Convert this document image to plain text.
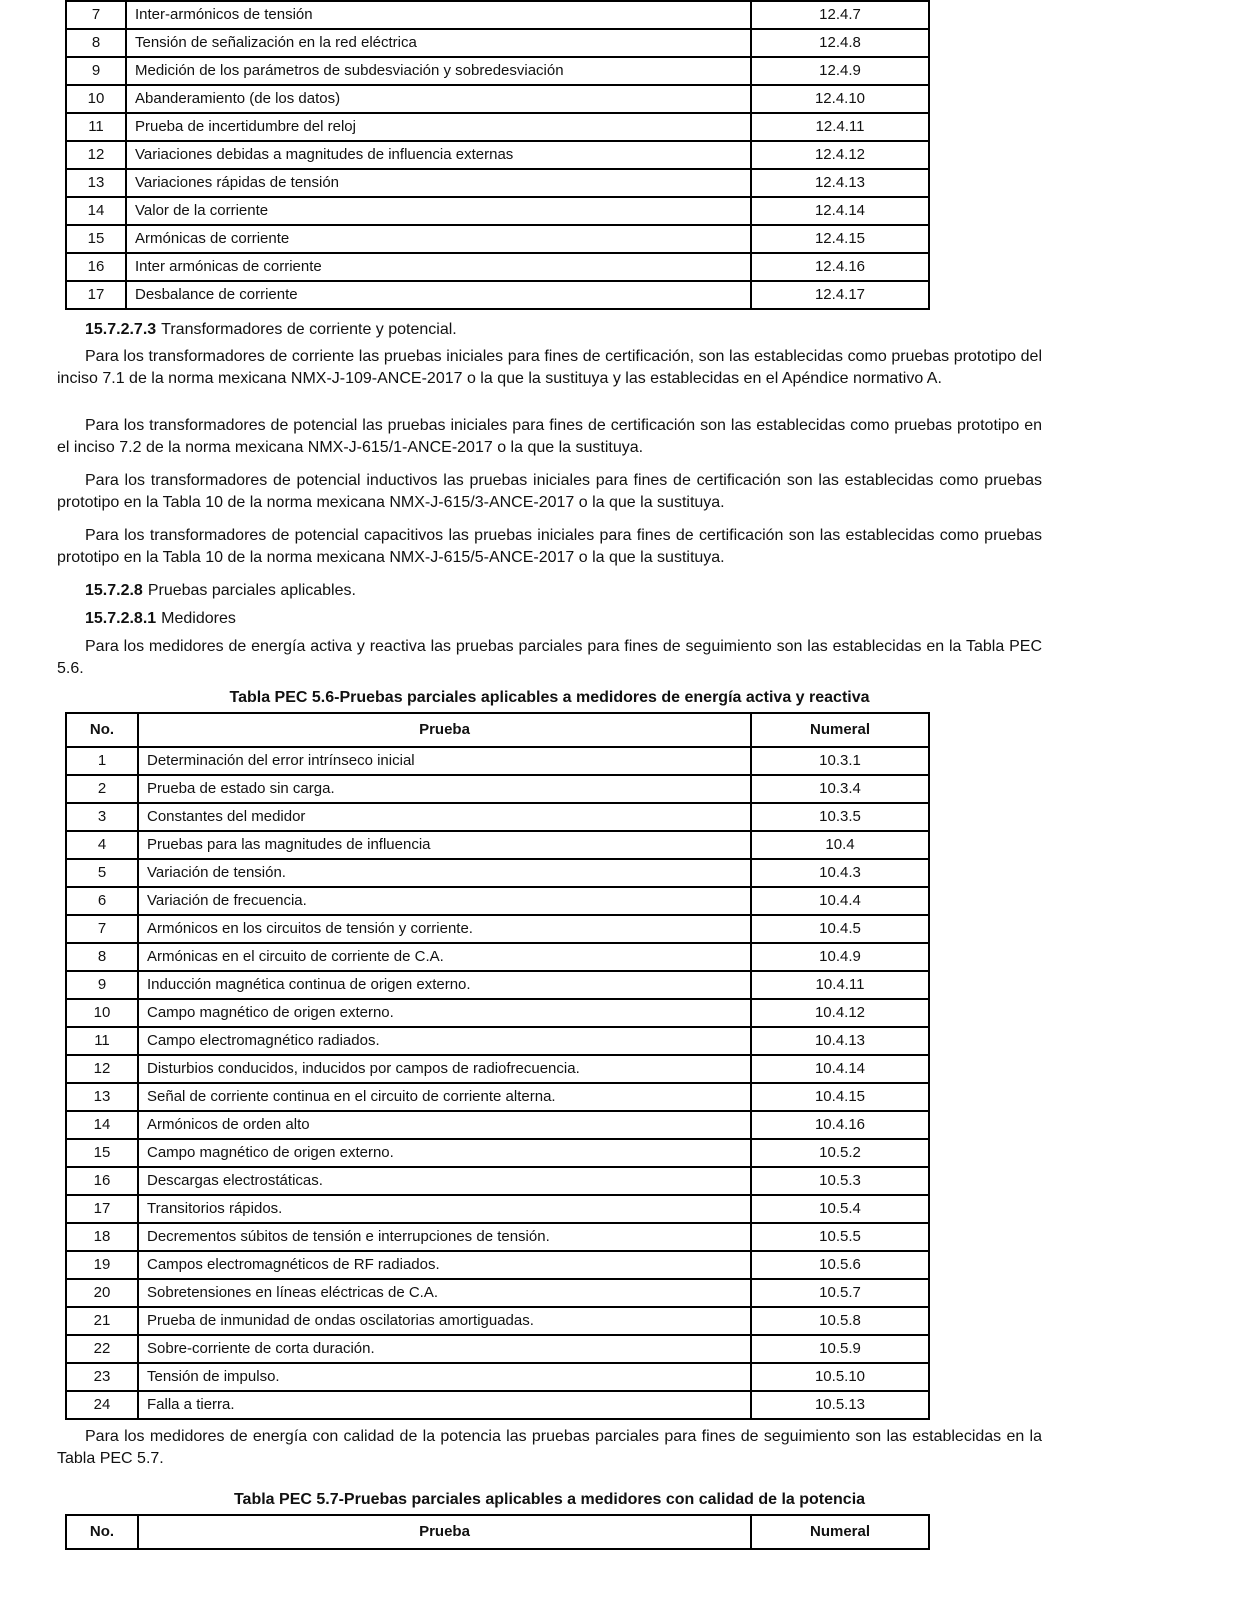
7	Inter-armónicos de tensión	12.4.7
8	Tensión de señalización en la red eléctrica	12.4.8
9	Medición de los parámetros de subdesviación y sobredesviación	12.4.9
10	Abanderamiento (de los datos)	12.4.10
11	Prueba de incertidumbre del reloj	12.4.11
12	Variaciones debidas a magnitudes de influencia externas	12.4.12
13	Variaciones rápidas de tensión	12.4.13
14	Valor de la corriente	12.4.14
15	Armónicas de corriente	12.4.15
16	Inter armónicas de corriente	12.4.16
17	Desbalance de corriente	12.4.17

15.7.2.7.3 Transformadores de corriente y potencial.

Para los transformadores de corriente las pruebas iniciales para fines de certificación, son las establecidas como pruebas prototipo del inciso 7.1 de la norma mexicana NMX-J-109-ANCE-2017 o la que la sustituya y las establecidas en el Apéndice normativo A.

Para los transformadores de potencial las pruebas iniciales para fines de certificación son las establecidas como pruebas prototipo en el inciso 7.2 de la norma mexicana NMX-J-615/1-ANCE-2017 o la que la sustituya.

Para los transformadores de potencial inductivos las pruebas iniciales para fines de certificación son las establecidas como pruebas prototipo en la Tabla 10 de la norma mexicana NMX-J-615/3-ANCE-2017 o la que la sustituya.

Para los transformadores de potencial capacitivos las pruebas iniciales para fines de certificación son las establecidas como pruebas prototipo en la Tabla 10 de la norma mexicana NMX-J-615/5-ANCE-2017 o la que la sustituya.

15.7.2.8 Pruebas parciales aplicables.

15.7.2.8.1 Medidores

Para los medidores de energía activa y reactiva las pruebas parciales para fines de seguimiento son las establecidas en la Tabla PEC 5.6.

Tabla PEC 5.6-Pruebas parciales aplicables a medidores de energía activa y reactiva

No.	Prueba	Numeral
1	Determinación del error intrínseco inicial	10.3.1
2	Prueba de estado sin carga.	10.3.4
3	Constantes del medidor	10.3.5
4	Pruebas para las magnitudes de influencia	10.4
5	Variación de tensión.	10.4.3
6	Variación de frecuencia.	10.4.4
7	Armónicos en los circuitos de tensión y corriente.	10.4.5
8	Armónicas en el circuito de corriente de C.A.	10.4.9
9	Inducción magnética continua de origen externo.	10.4.11
10	Campo magnético de origen externo.	10.4.12
11	Campo electromagnético radiados.	10.4.13
12	Disturbios conducidos, inducidos por campos de radiofrecuencia.	10.4.14
13	Señal de corriente continua en el circuito de corriente alterna.	10.4.15
14	Armónicos de orden alto	10.4.16
15	Campo magnético de origen externo.	10.5.2
16	Descargas electrostáticas.	10.5.3
17	Transitorios rápidos.	10.5.4
18	Decrementos súbitos de tensión e interrupciones de tensión.	10.5.5
19	Campos electromagnéticos de RF radiados.	10.5.6
20	Sobretensiones en líneas eléctricas de C.A.	10.5.7
21	Prueba de inmunidad de ondas oscilatorias amortiguadas.	10.5.8
22	Sobre-corriente de corta duración.	10.5.9
23	Tensión de impulso.	10.5.10
24	Falla a tierra.	10.5.13

Para los medidores de energía con calidad de la potencia las pruebas parciales para fines de seguimiento son las establecidas en la Tabla PEC 5.7.

Tabla PEC 5.7-Pruebas parciales aplicables a medidores con calidad de la potencia

No.	Prueba	Numeral
